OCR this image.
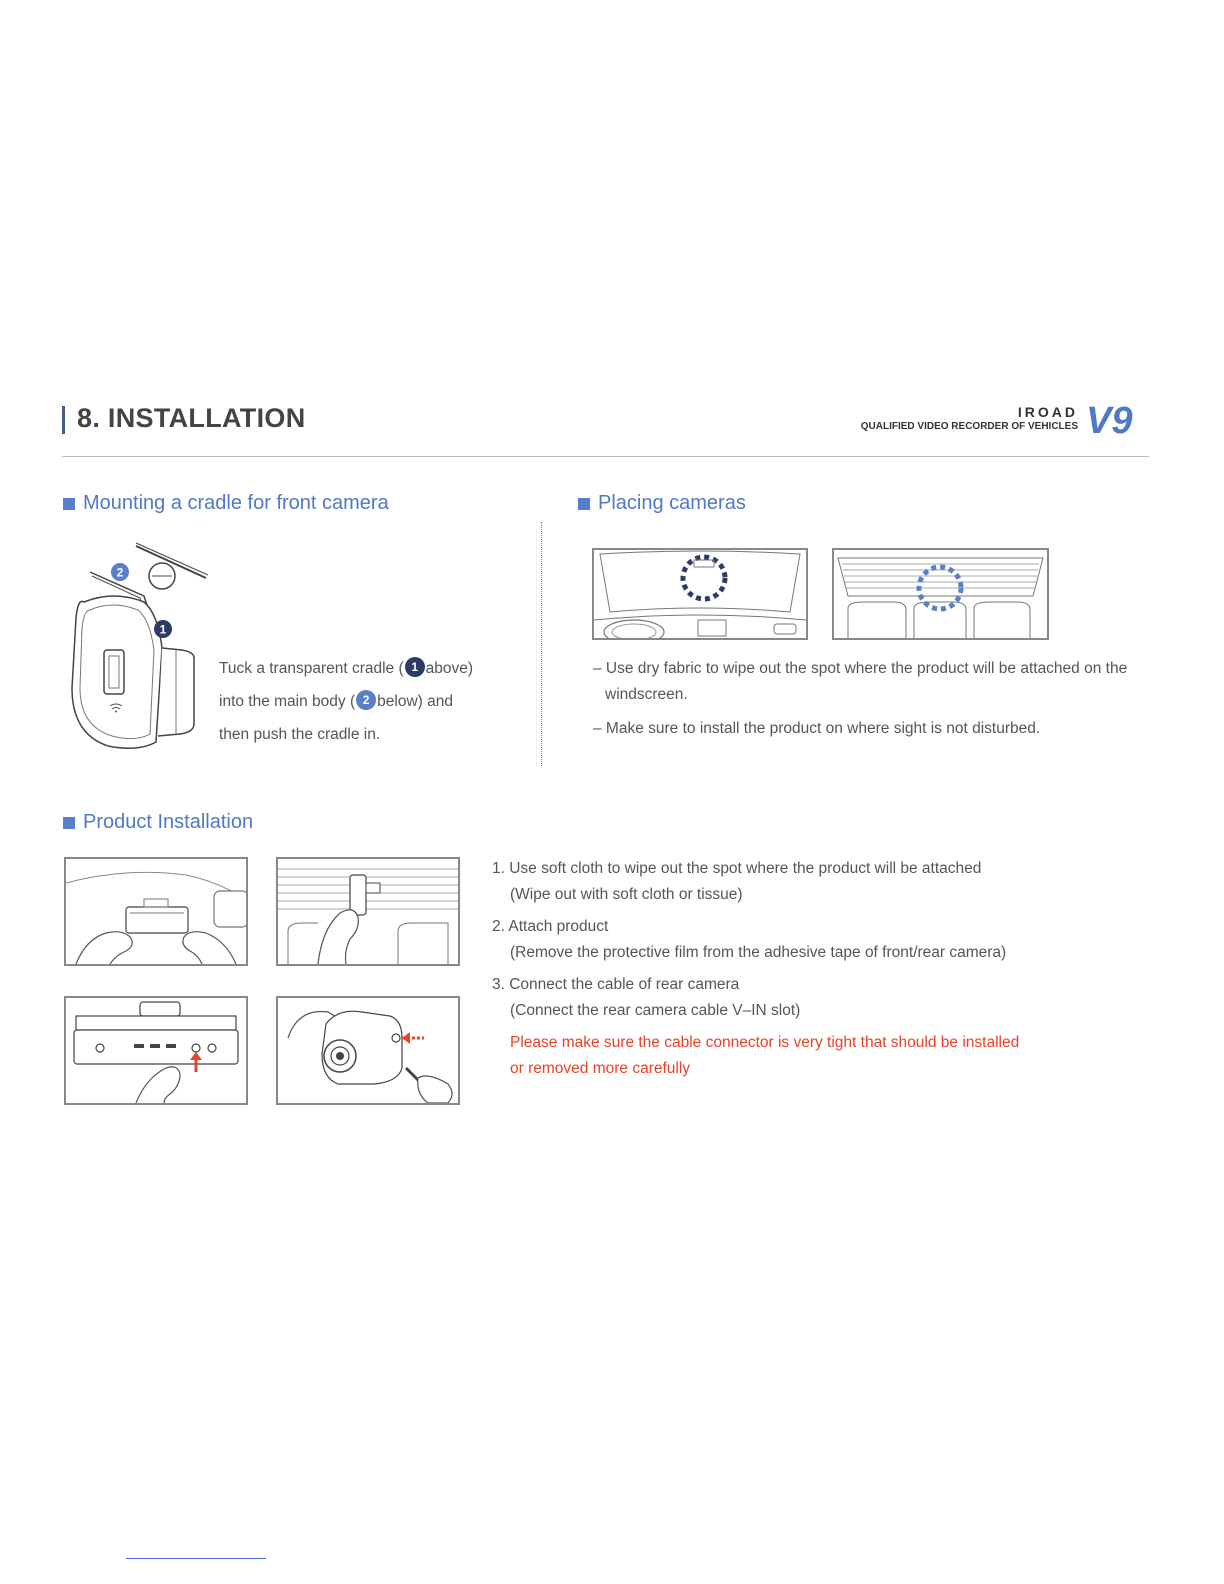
8. INSTALLATION	IROAD
QUALIFIED VIDEO RECORDER OF VEHICLES V9
Mounting a cradle for front camera
2
1
Tuck a transparent cradle ( 1 above)
into the main body ( 2 below) and
then push the cradle in.
Placing cameras

– Use dry fabric to wipe out the spot where the product will be attached on the windscreen.

– Make sure to install the product on where sight is not disturbed.

Product Installation
1. Use soft cloth to wipe out the spot where the product will be attached
(Wipe out with soft cloth or tissue)
2. Attach product
(Remove the protective film from the adhesive tape of front/rear camera)
3. Connect the cable of rear camera
(Connect the rear camera cable V–IN slot)
Please make sure the cable connector is very tight that should be installed
or removed more carefully
